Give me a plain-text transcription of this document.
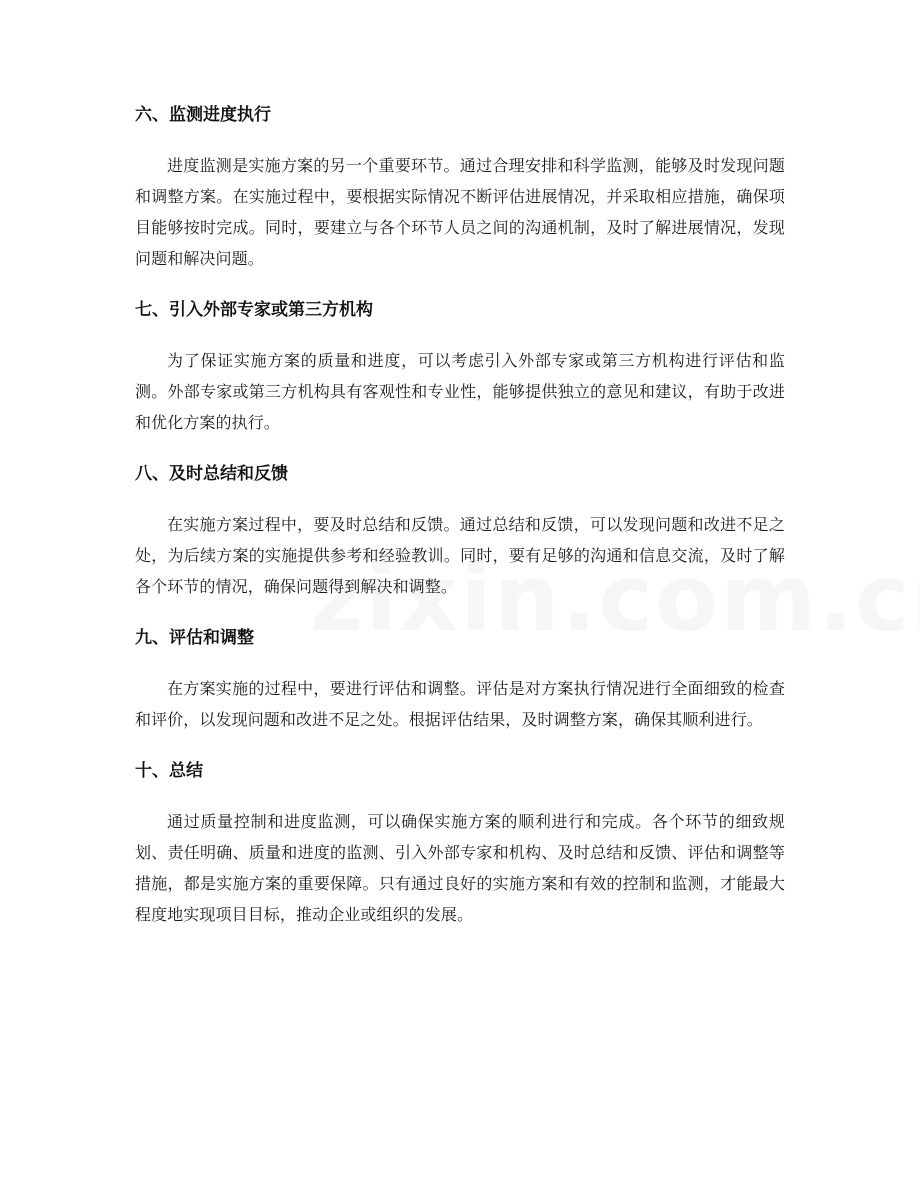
六、监测进度执行

进度监测是实施方案的另一个重要环节。通过合理安排和科学监测，能够及时发现问题和调整方案。在实施过程中，要根据实际情况不断评估进展情况，并采取相应措施，确保项目能够按时完成。同时，要建立与各个环节人员之间的沟通机制，及时了解进展情况，发现问题和解决问题。

七、引入外部专家或第三方机构

为了保证实施方案的质量和进度，可以考虑引入外部专家或第三方机构进行评估和监测。外部专家或第三方机构具有客观性和专业性，能够提供独立的意见和建议，有助于改进和优化方案的执行。

八、及时总结和反馈

在实施方案过程中，要及时总结和反馈。通过总结和反馈，可以发现问题和改进不足之处，为后续方案的实施提供参考和经验教训。同时，要有足够的沟通和信息交流，及时了解各个环节的情况，确保问题得到解决和调整。

九、评估和调整

在方案实施的过程中，要进行评估和调整。评估是对方案执行情况进行全面细致的检查和评价，以发现问题和改进不足之处。根据评估结果，及时调整方案，确保其顺利进行。

十、总结

通过质量控制和进度监测，可以确保实施方案的顺利进行和完成。各个环节的细致规划、责任明确、质量和进度的监测、引入外部专家和机构、及时总结和反馈、评估和调整等措施，都是实施方案的重要保障。只有通过良好的实施方案和有效的控制和监测，才能最大程度地实现项目目标，推动企业或组织的发展。
